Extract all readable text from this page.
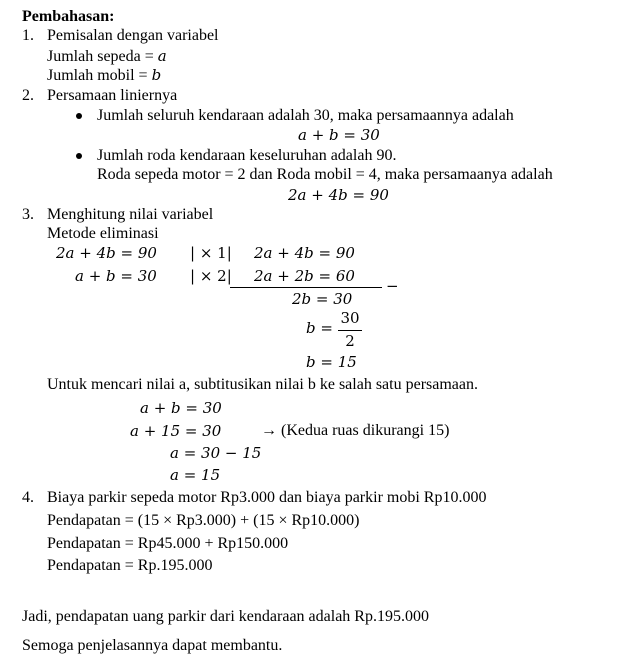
Pembahasan:
1. Pemisalan dengan variabel
Jumlah sepeda = a
Jumlah mobil = b
2. Persamaan liniernya
Jumlah seluruh kendaraan adalah 30, maka persamaannya adalah
a + b = 30
Jumlah roda kendaraan keseluruhan adalah 90.
Roda sepeda motor = 2 dan Roda mobil = 4, maka persamaanya adalah
2a + 4b = 90
3. Menghitung nilai variabel
Metode eliminasi
2a + 4b = 90 | × 1| 2a + 4b = 90
a + b = 30 | × 2| 2a + 2b = 60
−
2b = 30
b =
30
2
b = 15
Untuk mencari nilai a, subtitusikan nilai b ke salah satu persamaan.
a + b = 30
a + 15 = 30 → (Kedua ruas dikurangi 15)
a = 30 − 15
a = 15
4. Biaya parkir sepeda motor Rp3.000 dan biaya parkir mobi Rp10.000
Pendapatan = (15 × Rp3.000) + (15 × Rp10.000)
Pendapatan = Rp45.000 + Rp150.000
Pendapatan = Rp.195.000
Jadi, pendapatan uang parkir dari kendaraan adalah Rp.195.000
Semoga penjelasannya dapat membantu.
